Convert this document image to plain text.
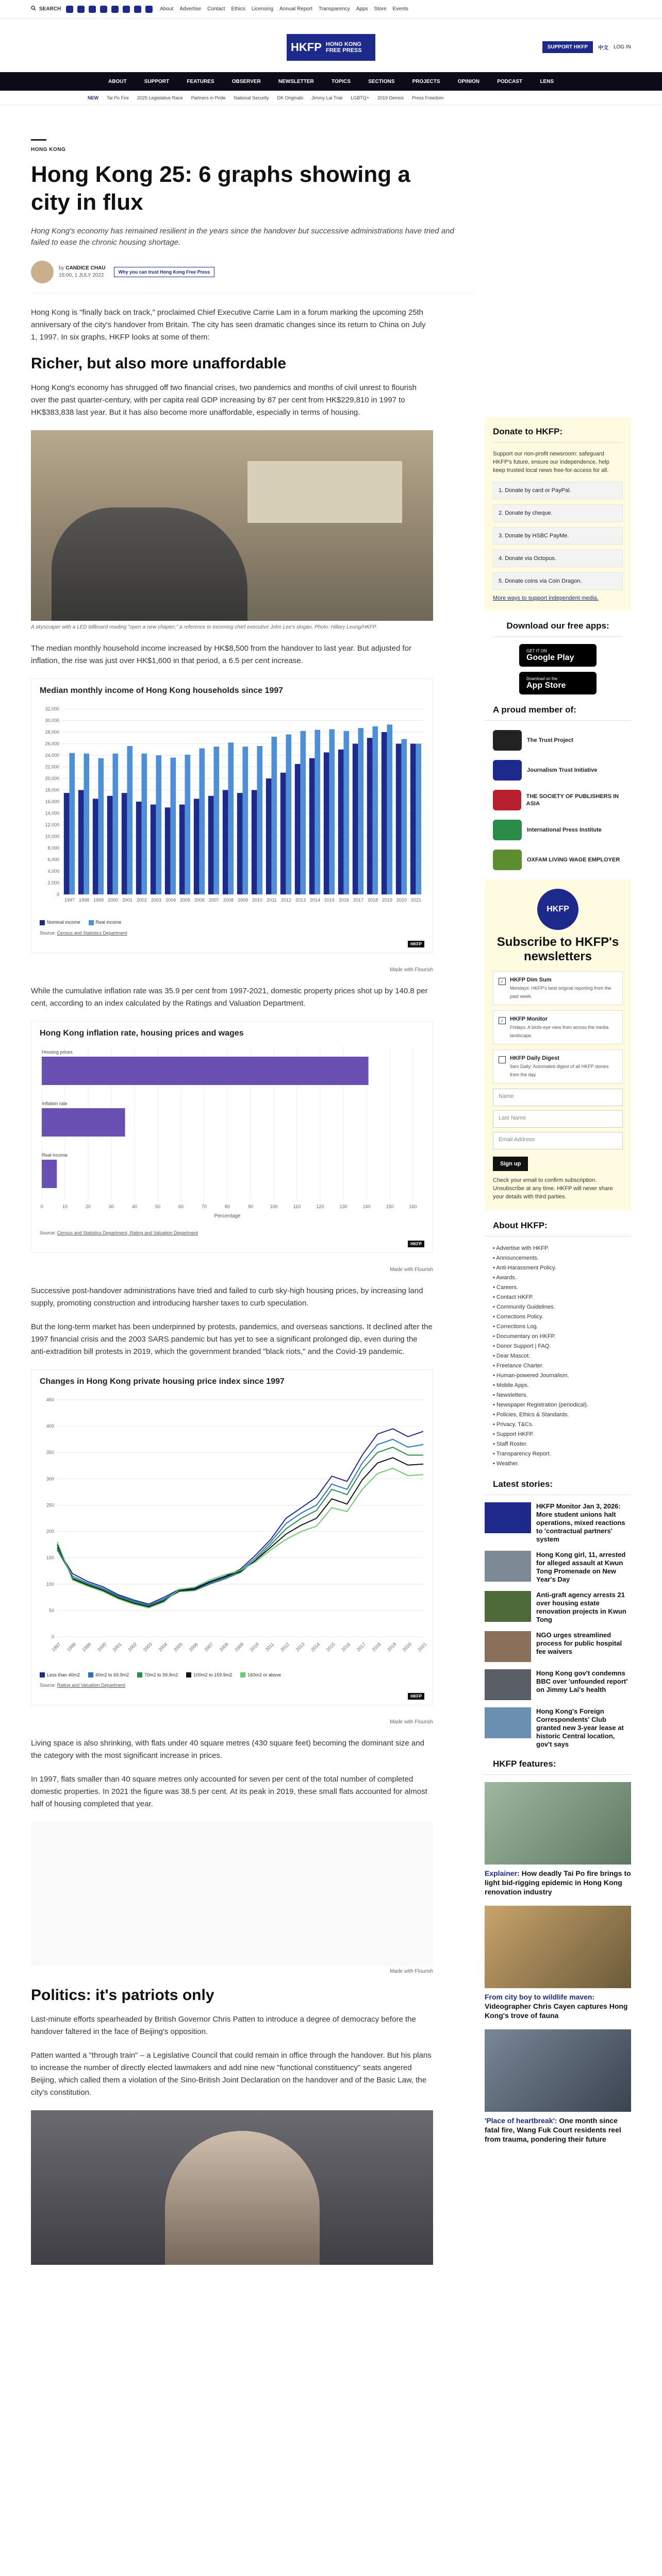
SEARCH	About Advertise Contact Ethics Licensing Annual Report Transparency Apps Store Events
HKFP HONG KONG
FREE PRESS
SUPPORT HKFP	中文 LOG IN
ABOUT	SUPPORT	FEATURES	OBSERVER	NEWSLETTER	TOPICS	SECTIONS	PROJECTS	OPINION	PODCAST	LENS
NEW Tai Po Fire 2025 Legislative Race Partners in Pride National Security DK Originals Jimmy Lai Trial LGBTQ+ 2019 Demos Press Freedom
HONG KONG
Hong Kong 25: 6 graphs showing a city in flux

Hong Kong's economy has remained resilient in the years since the handover but successive administrations have tried and failed to ease the chronic housing shortage.

by CANDICE CHAU
15:00, 1 JULY 2022
Why you can trust Hong Kong Free Press

Hong Kong is "finally back on track," proclaimed Chief Executive Carrie Lam in a forum marking the upcoming 25th anniversary of the city's handover from Britain. The city has seen dramatic changes since its return to China on July 1, 1997. In six graphs, HKFP looks at some of them:

Richer, but also more unaffordable

Hong Kong's economy has shrugged off two financial crises, two pandemics and months of civil unrest to flourish over the past quarter-century, with per capita real GDP increasing by 87 per cent from HK$229,810 in 1997 to HK$383,838 last year. But it has also become more unaffordable, especially in terms of housing.

A skyscraper with a LED billboard reading "open a new chapter," a reference to incoming chief executive John Lee's slogan. Photo: Hillary Leung/HKFP.

The median monthly household income increased by HK$8,500 from the handover to last year. But adjusted for inflation, the rise was just over HK$1,600 in that period, a 6.5 per cent increase.

Median monthly income of Hong Kong households since 1997
32,000
30,000
28,000
26,000
24,000
22,000
20,000
18,000
16,000
14,000
12,000
10,000
8,000
6,000
4,000
2,000
0
1997 1998 1999 2000 2001 2002 2003 2004 2005 2006 2007 2008 2009 2010 2011 2012 2013 2014 2015 2016 2017 2018 2019 2020 2021
Nominal income	Real income
Source: Census and Statistics Department
HKFP
Made with Flourish

While the cumulative inflation rate was 35.9 per cent from 1997-2021, domestic property prices shot up by 140.8 per cent, according to an index calculated by the Ratings and Valuation Department.

Hong Kong inflation rate, housing prices and wages
0	10	20	30	40	50	60	70	80	90	100	110	120	130	140	150	160
Percentage
Housing prices
Inflation rate
Real income
Source: Census and Statistics Department, Rating and Valuation Department
HKFP
Made with Flourish

Successive post-handover administrations have tried and failed to curb sky-high housing prices, by increasing land supply, promoting construction and introducing harsher taxes to curb speculation.

But the long-term market has been underpinned by protests, pandemics, and overseas sanctions. It declined after the 1997 financial crisis and the 2003 SARS pandemic but has yet to see a significant prolonged dip, even during the anti-extradition bill protests in 2019, which the government branded "black riots," and the Covid-19 pandemic.

Changes in Hong Kong private housing price index since 1997
450
400
350
300
250
200
150
100
50
0
1997 1998 1999 2000 2001 2002 2003 2004 2005 2006 2007 2008 2009 2010 2011 2012 2013 2014 2015 2016 2017 2018 2019 2020 2021
Less than 40m2	40m2 to 69.9m2	70m2 to 99.9m2	100m2 to 159.9m2	160m2 or above
Source: Rating and Valuation Department
HKFP
Made with Flourish

Living space is also shrinking, with flats under 40 square metres (430 square feet) becoming the dominant size and the category with the most significant increase in prices.

In 1997, flats smaller than 40 square metres only accounted for seven per cent of the total number of completed domestic properties. In 2021 the figure was 38.5 per cent. At its peak in 2019, these small flats accounted for almost half of housing completed that year.

Made with Flourish
Politics: it's patriots only

Last-minute efforts spearheaded by British Governor Chris Patten to introduce a degree of democracy before the handover faltered in the face of Beijing's opposition.

Patten wanted a "through train" – a Legislative Council that could remain in office through the handover. But his plans to increase the number of directly elected lawmakers and add nine new "functional constituency" seats angered Beijing, which called them a violation of the Sino-British Joint Declaration on the handover and of the Basic Law, the city's constitution.

Donate to HKFP:

Support our non-profit newsroom: safeguard HKFP's future, ensure our independence, help keep trusted local news free-for-access for all.

1. Donate by card or PayPal.
2. Donate by cheque.
3. Donate by HSBC PayMe.
4. Donate via Octopus.
5. Donate coins via Coin Dragon.
More ways to support independent media.
Download our free apps:
GET IT ON
Google Play
Download on the
App Store
A proud member of:
The Trust Project
Journalism Trust Initiative
THE SOCIETY OF PUBLISHERS IN ASIA
International Press Institute
OXFAM LIVING WAGE EMPLOYER
HKFP
Subscribe to HKFP's newsletters
✓ HKFP Dim Sum
Mondays: HKFP's best original reporting from the past week.
✓ HKFP Monitor
Fridays: A birds-eye view from across the media landscape.
HKFP Daily Digest
9am Daily: Automated digest of all HKFP stories from the day.
Name
Last Name
Email Address
Sign up

Check your email to confirm subscription. Unsubscribe at any time. HKFP will never share your details with third parties.

About HKFP:
• Advertise with HKFP.
• Announcements.
• Anti-Harassment Policy.
• Awards.
• Careers.
• Contact HKFP.
• Community Guidelines.
• Corrections Policy.
• Corrections Log.
• Documentary on HKFP.
• Donor Support | FAQ.
• Dear Mascot.
• Freelance Charter.
• Human-powered Journalism.
• Mobile Apps.
• Newsletters.
• Newspaper Registration (periodical).
• Policies, Ethics & Standards.
• Privacy, T&Cs.
• Support HKFP.
• Staff Roster.
• Transparency Report.
• Weather.
Latest stories:
HKFP Monitor Jan 3, 2026: More student unions halt operations, mixed reactions to 'contractual partners' system
Hong Kong girl, 11, arrested for alleged assault at Kwun Tong Promenade on New Year's Day
Anti-graft agency arrests 21 over housing estate renovation projects in Kwun Tong
NGO urges streamlined process for public hospital fee waivers
Hong Kong gov't condemns BBC over 'unfounded report' on Jimmy Lai's health
Hong Kong's Foreign Correspondents' Club granted new 3-year lease at historic Central location, gov't says
HKFP features:
Explainer: How deadly Tai Po fire brings to light bid-rigging epidemic in Hong Kong renovation industry
From city boy to wildlife maven: Videographer Chris Cayen captures Hong Kong's trove of fauna
'Place of heartbreak': One month since fatal fire, Wang Fuk Court residents reel from trauma, pondering their future
